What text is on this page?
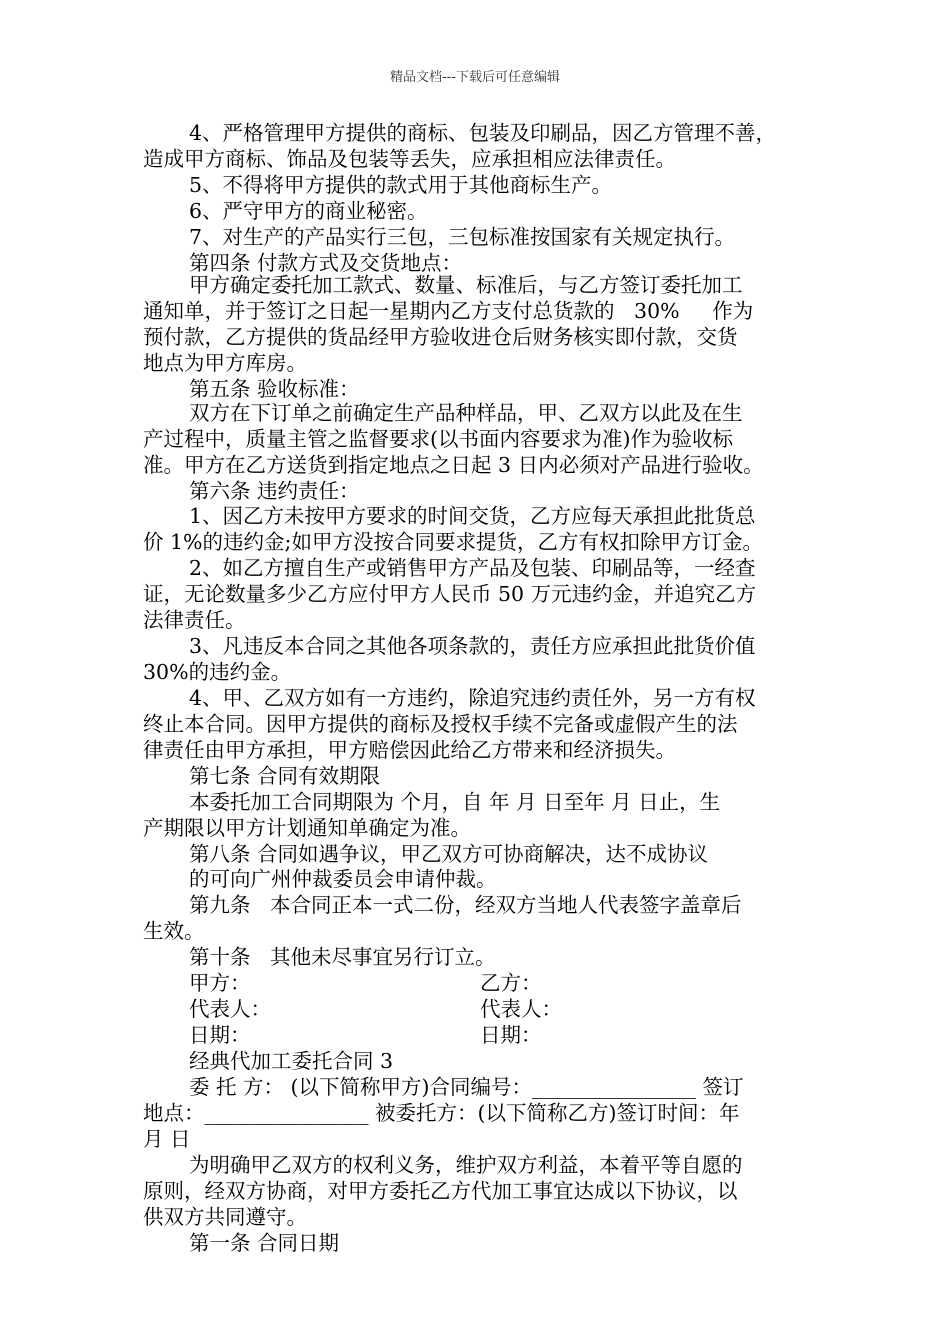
精品文档---下载后可任意编辑
4、严格管理甲方提供的商标、包装及印刷品，因乙方管理不善，
造成甲方商标、饰品及包装等丢失，应承担相应法律责任。
5、不得将甲方提供的款式用于其他商标生产。
6、严守甲方的商业秘密。
7、对生产的产品实行三包，三包标准按国家有关规定执行。
第四条 付款方式及交货地点：
甲方确定委托加工款式、数量、标准后，与乙方签订委托加工
通知单，并于签订之日起一星期内乙方支付总货款的   30%     作为
预付款，乙方提供的货品经甲方验收进仓后财务核实即付款，交货
地点为甲方库房。
第五条 验收标准：
双方在下订单之前确定生产品种样品，甲、乙双方以此及在生
产过程中，质量主管之监督要求(以书面内容要求为准)作为验收标
准。甲方在乙方送货到指定地点之日起 3 日内必须对产品进行验收。
第六条 违约责任：
1、因乙方未按甲方要求的时间交货，乙方应每天承担此批货总
价 1%的违约金;如甲方没按合同要求提货，乙方有权扣除甲方订金。
2、如乙方擅自生产或销售甲方产品及包装、印刷品等，一经查
证，无论数量多少乙方应付甲方人民币 50 万元违约金，并追究乙方
法律责任。
3、凡违反本合同之其他各项条款的，责任方应承担此批货价值
30%的违约金。
4、甲、乙双方如有一方违约，除追究违约责任外，另一方有权
终止本合同。因甲方提供的商标及授权手续不完备或虚假产生的法
律责任由甲方承担，甲方赔偿因此给乙方带来和经济损失。
第七条 合同有效期限
本委托加工合同期限为 个月，自 年 月 日至年 月 日止，生
产期限以甲方计划通知单确定为准。
第八条 合同如遇争议，甲乙双方可协商解决，达不成协议
的可向广州仲裁委员会申请仲裁。
第九条   本合同正本一式二份，经双方当地人代表签字盖章后
生效。
第十条   其他未尽事宜另行订立。
甲方：	乙方：
代表人：	代表人：
日期：	日期：
经典代加工委托合同 3
委 托 方： (以下简称甲方)合同编号：________________ 签订
地点：________________ 被委托方：(以下简称乙方)签订时间：年
月 日
为明确甲乙双方的权利义务，维护双方利益，本着平等自愿的
原则，经双方协商，对甲方委托乙方代加工事宜达成以下协议，以
供双方共同遵守。
第一条 合同日期
